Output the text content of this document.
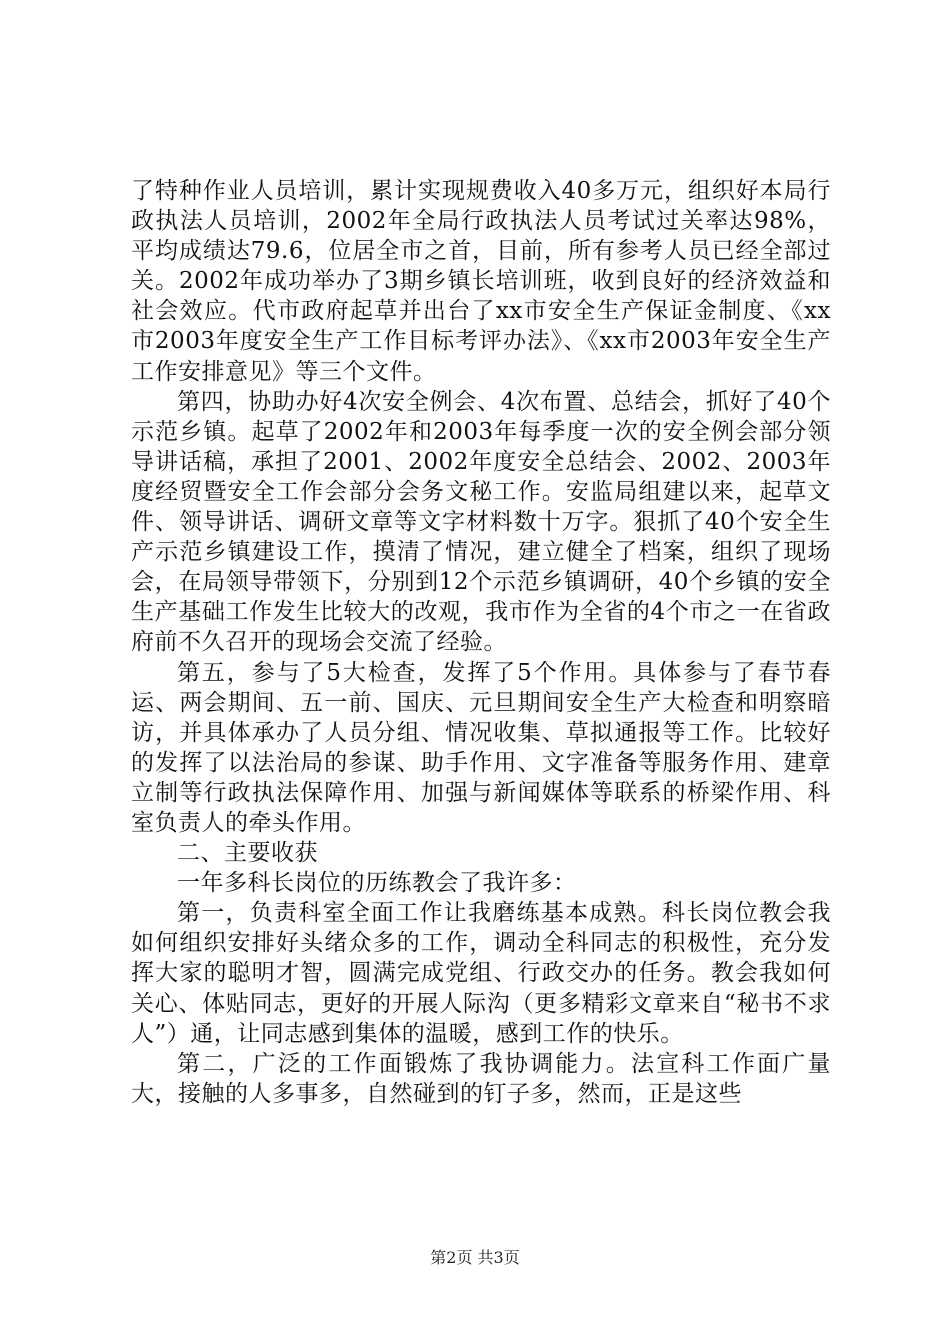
了特种作业人员培训，累计实现规费收入40多万元，组织好本局行政执法人员培训，2002年全局行政执法人员考试过关率达98%，平均成绩达79.6，位居全市之首，目前，所有参考人员已经全部过关。2002年成功举办了3期乡镇长培训班，收到良好的经济效益和社会效应。代市政府起草并出台了xx市安全生产保证金制度、《xx市2003年度安全生产工作目标考评办法》、《xx市2003年安全生产工作安排意见》等三个文件。

第四，协助办好4次安全例会、4次布置、总结会，抓好了40个示范乡镇。起草了2002年和2003年每季度一次的安全例会部分领导讲话稿，承担了2001、2002年度安全总结会、2002、2003年度经贸暨安全工作会部分会务文秘工作。安监局组建以来，起草文件、领导讲话、调研文章等文字材料数十万字。狠抓了40个安全生产示范乡镇建设工作，摸清了情况，建立健全了档案，组织了现场会，在局领导带领下，分别到12个示范乡镇调研，40个乡镇的安全生产基础工作发生比较大的改观，我市作为全省的4个市之一在省政府前不久召开的现场会交流了经验。

第五，参与了5大检查，发挥了5个作用。具体参与了春节春运、两会期间、五一前、国庆、元旦期间安全生产大检查和明察暗访，并具体承办了人员分组、情况收集、草拟通报等工作。比较好的发挥了以法治局的参谋、助手作用、文字准备等服务作用、建章立制等行政执法保障作用、加强与新闻媒体等联系的桥梁作用、科室负责人的牵头作用。

二、主要收获

一年多科长岗位的历练教会了我许多：

第一，负责科室全面工作让我磨练基本成熟。科长岗位教会我如何组织安排好头绪众多的工作，调动全科同志的积极性，充分发挥大家的聪明才智，圆满完成党组、行政交办的任务。教会我如何关心、体贴同志，更好的开展人际沟（更多精彩文章来自“秘书不求人”）通，让同志感到集体的温暖，感到工作的快乐。

第二，广泛的工作面锻炼了我协调能力。法宣科工作面广量大，接触的人多事多，自然碰到的钉子多，然而，正是这些

第2页 共3页
